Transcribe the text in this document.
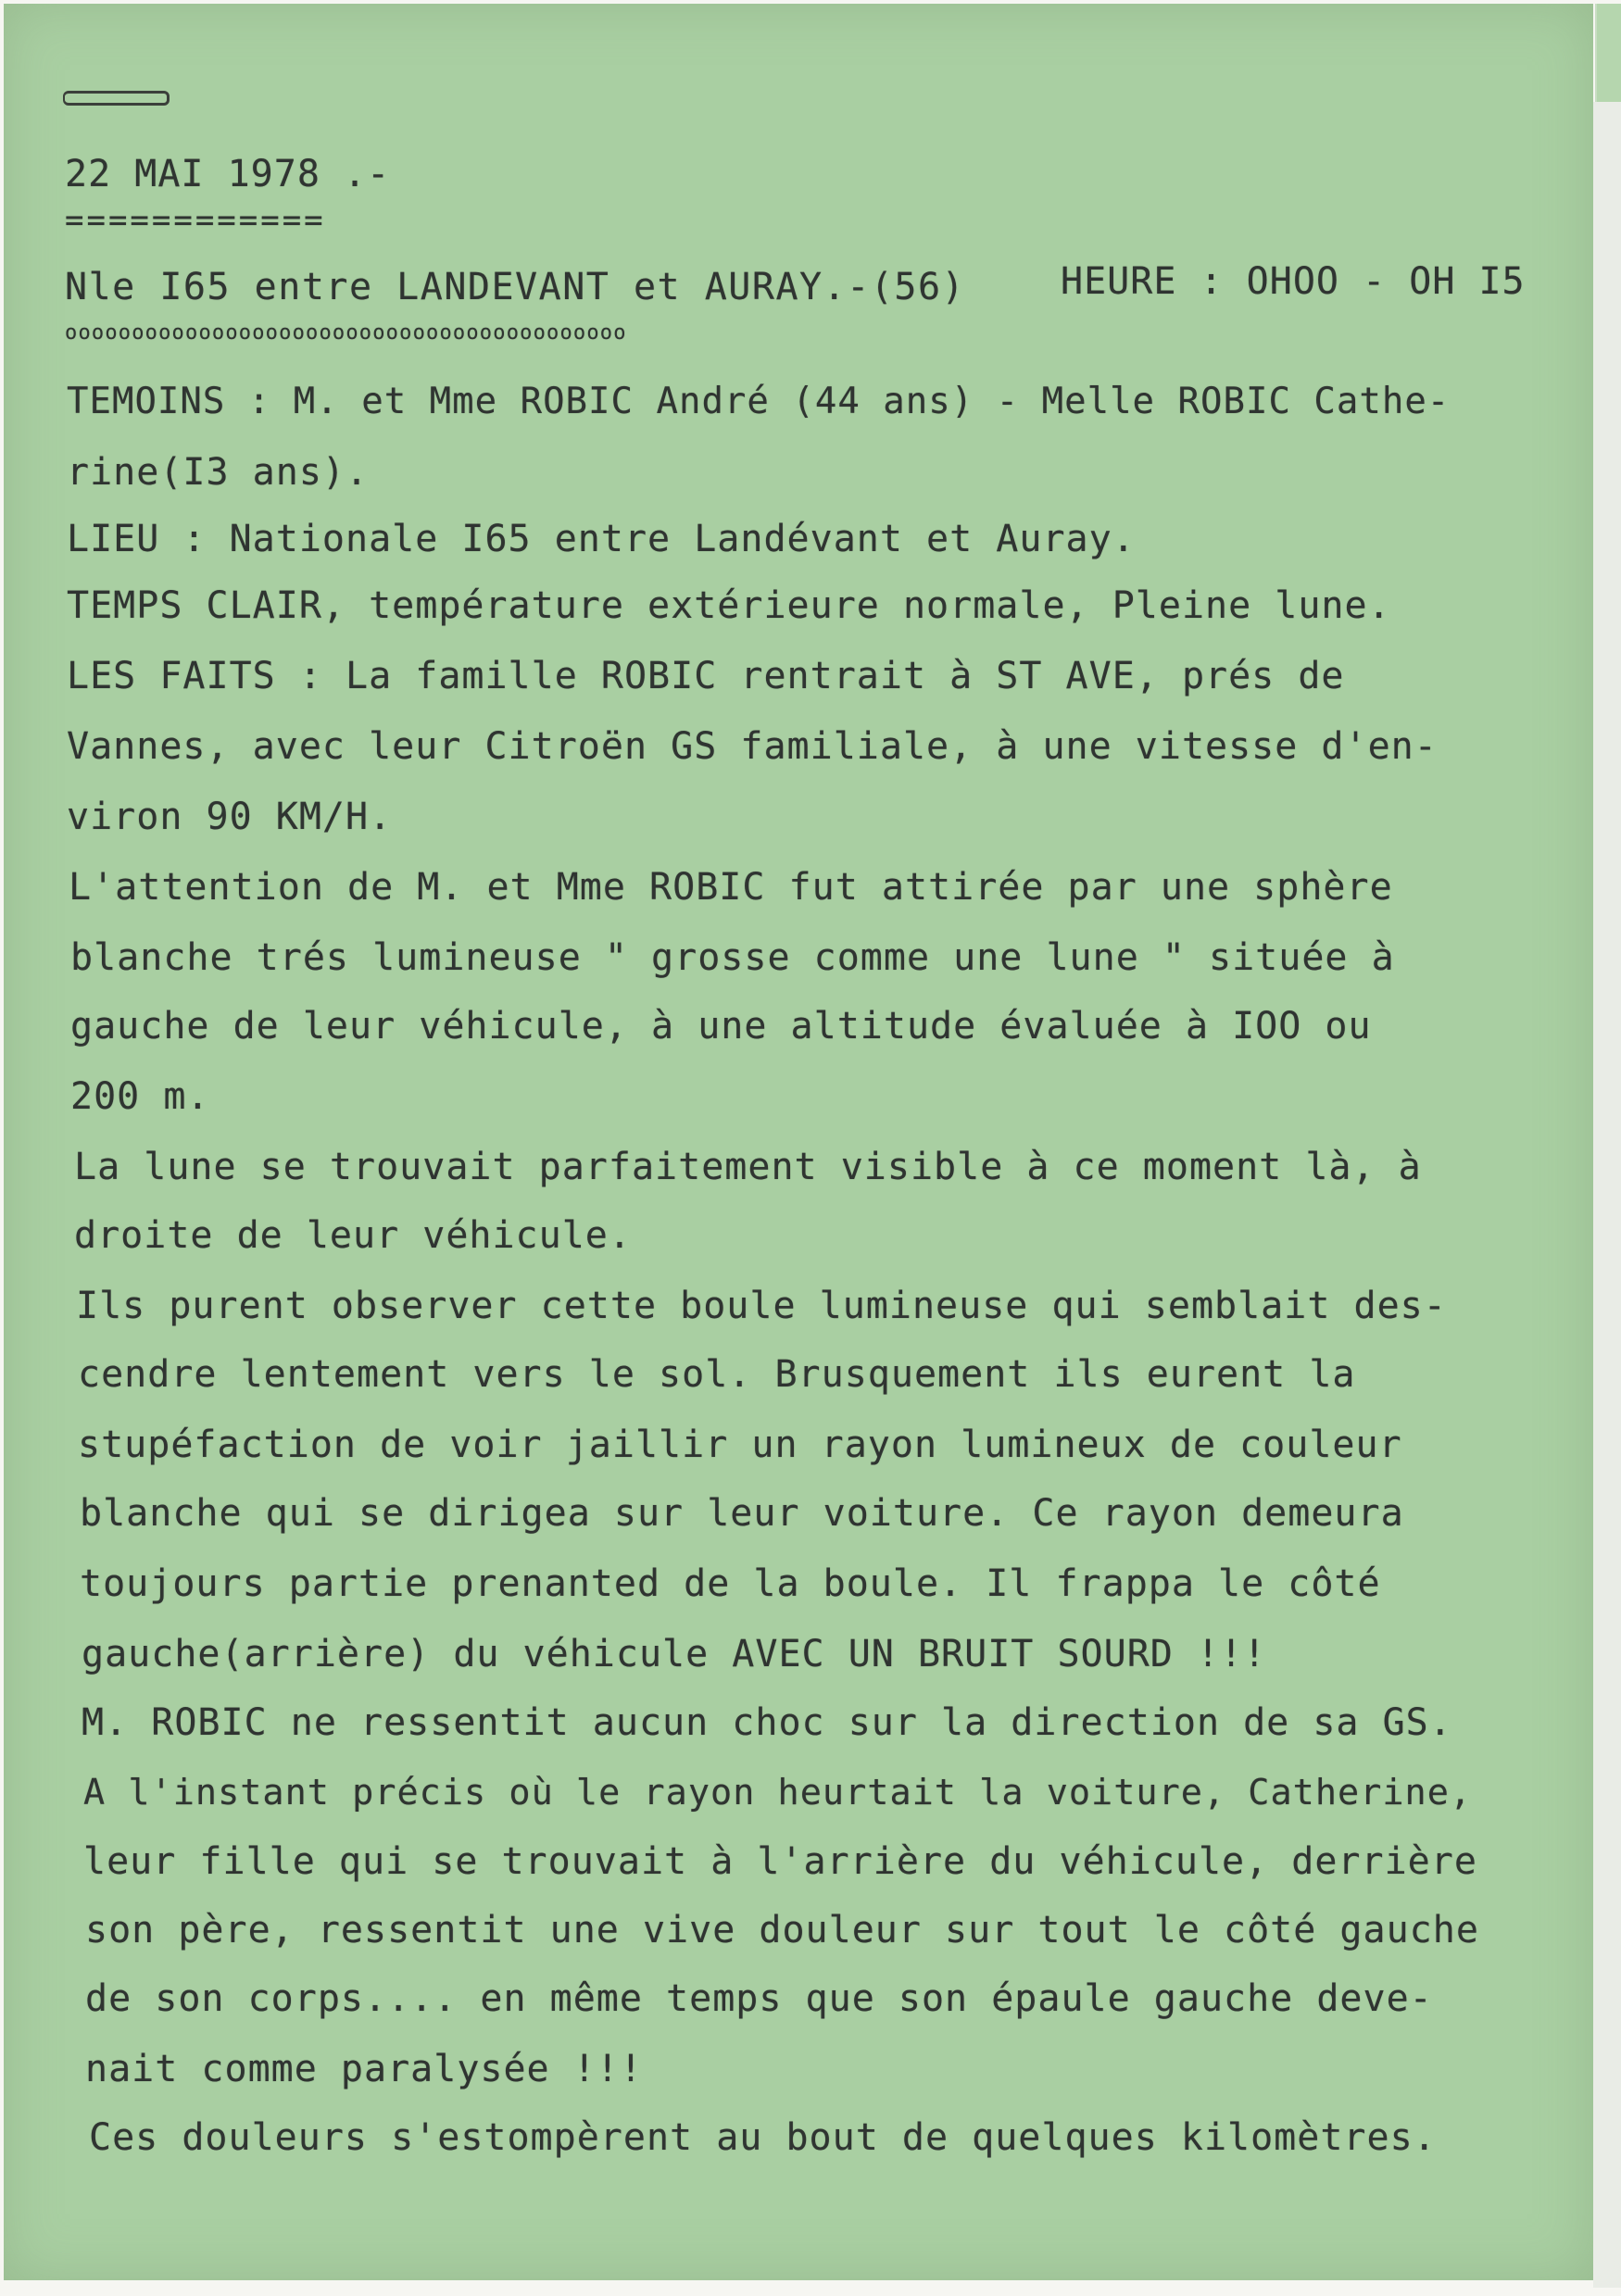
22 MAI 1978 .-
============
Nle I65 entre LANDEVANT et AURAY.-(56)	HEURE : OHOO - OH I5
oooooooooooooooooooooooooooooooooooooooooo
TEMOINS : M. et Mme ROBIC André (44 ans) - Melle ROBIC Cathe-
rine(I3 ans).
LIEU : Nationale I65 entre Landévant et Auray.
TEMPS CLAIR, température extérieure normale, Pleine lune.
LES FAITS : La famille ROBIC rentrait à ST AVE, prés de
Vannes, avec leur Citroën GS familiale, à une vitesse d'en-
viron 90 KM/H.
L'attention de M. et Mme ROBIC fut attirée par une sphère
blanche trés lumineuse " grosse comme une lune " située à
gauche de leur véhicule, à une altitude évaluée à IOO ou
200 m.
La lune se trouvait parfaitement visible à ce moment là, à
droite de leur véhicule.
Ils purent observer cette boule lumineuse qui semblait des-
cendre lentement vers le sol. Brusquement ils eurent la
stupéfaction de voir jaillir un rayon lumineux de couleur
blanche qui se dirigea sur leur voiture. Ce rayon demeura
toujours partie prenanted de la boule. Il frappa le côté
gauche(arrière) du véhicule AVEC UN BRUIT SOURD !!!
M. ROBIC ne ressentit aucun choc sur la direction de sa GS.
A l'instant précis où le rayon heurtait la voiture, Catherine,
leur fille qui se trouvait à l'arrière du véhicule, derrière
son père, ressentit une vive douleur sur tout le côté gauche
de son corps.... en même temps que son épaule gauche deve-
nait comme paralysée !!!
Ces douleurs s'estompèrent au bout de quelques kilomètres.
